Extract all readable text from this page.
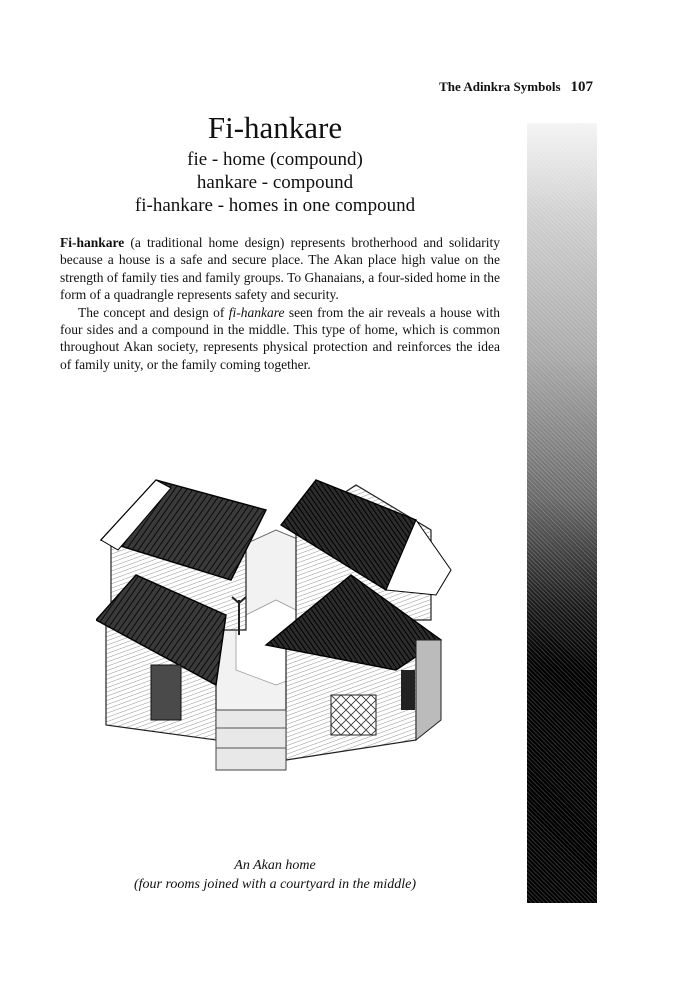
The Adinkra Symbols 107
Fi-hankare

fie - home (compound)

hankare - compound

fi-hankare - homes in one compound

Fi-hankare (a traditional home design) represents brotherhood and solidarity because a house is a safe and secure place. The Akan place high value on the strength of family ties and family groups. To Ghanaians, a four-sided home in the form of a quadrangle represents safety and security.

The concept and design of fi-hankare seen from the air reveals a house with four sides and a compound in the middle. This type of home, which is common throughout Akan society, represents physical protection and reinforces the idea of family unity, or the family coming together.

An Akan home
(four rooms joined with a courtyard in the middle)
